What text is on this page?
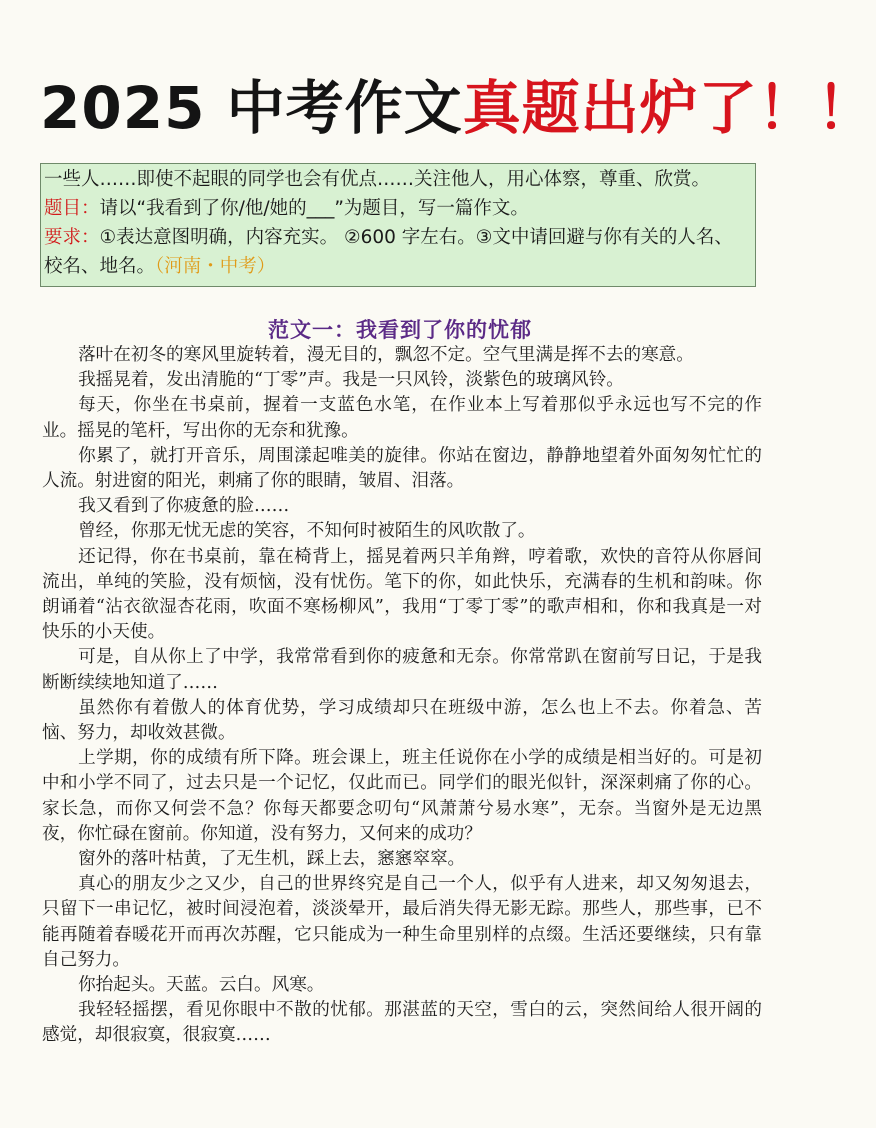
2025 中考作文真题出炉了！！

一些人……即使不起眼的同学也会有优点……关注他人，用心体察，尊重、欣赏。

题目：请以“我看到了你/他/她的___”为题目，写一篇作文。

要求：①表达意图明确，内容充实。 ②600 字左右。③文中请回避与你有关的人名、校名、地名。（河南・中考）

范文一：我看到了你的忧郁

落叶在初冬的寒风里旋转着，漫无目的，飘忽不定。空气里满是挥不去的寒意。

我摇晃着，发出清脆的“丁零”声。我是一只风铃，淡紫色的玻璃风铃。

每天，你坐在书桌前，握着一支蓝色水笔，在作业本上写着那似乎永远也写不完的作业。摇晃的笔杆，写出你的无奈和犹豫。

你累了，就打开音乐，周围漾起唯美的旋律。你站在窗边，静静地望着外面匆匆忙忙的人流。射进窗的阳光，刺痛了你的眼睛，皱眉、泪落。

我又看到了你疲惫的脸……

曾经，你那无忧无虑的笑容，不知何时被陌生的风吹散了。

还记得，你在书桌前，靠在椅背上，摇晃着两只羊角辫，哼着歌，欢快的音符从你唇间流出，单纯的笑脸，没有烦恼，没有忧伤。笔下的你，如此快乐，充满春的生机和韵味。你朗诵着“沾衣欲湿杏花雨，吹面不寒杨柳风”，我用“丁零丁零”的歌声相和，你和我真是一对快乐的小天使。

可是，自从你上了中学，我常常看到你的疲惫和无奈。你常常趴在窗前写日记，于是我断断续续地知道了……

虽然你有着傲人的体育优势，学习成绩却只在班级中游，怎么也上不去。你着急、苦恼、努力，却收效甚微。

上学期，你的成绩有所下降。班会课上，班主任说你在小学的成绩是相当好的。可是初中和小学不同了，过去只是一个记忆，仅此而已。同学们的眼光似针，深深刺痛了你的心。家长急，而你又何尝不急？你每天都要念叨句“风萧萧兮易水寒”，无奈。当窗外是无边黑夜，你忙碌在窗前。你知道，没有努力，又何来的成功？

窗外的落叶枯黄，了无生机，踩上去，窸窸窣窣。

真心的朋友少之又少，自己的世界终究是自己一个人，似乎有人进来，却又匆匆退去，只留下一串记忆，被时间浸泡着，淡淡晕开，最后消失得无影无踪。那些人，那些事，已不能再随着春暖花开而再次苏醒，它只能成为一种生命里别样的点缀。生活还要继续，只有靠自己努力。

你抬起头。天蓝。云白。风寒。

我轻轻摇摆，看见你眼中不散的忧郁。那湛蓝的天空，雪白的云，突然间给人很开阔的感觉，却很寂寞，很寂寞……
